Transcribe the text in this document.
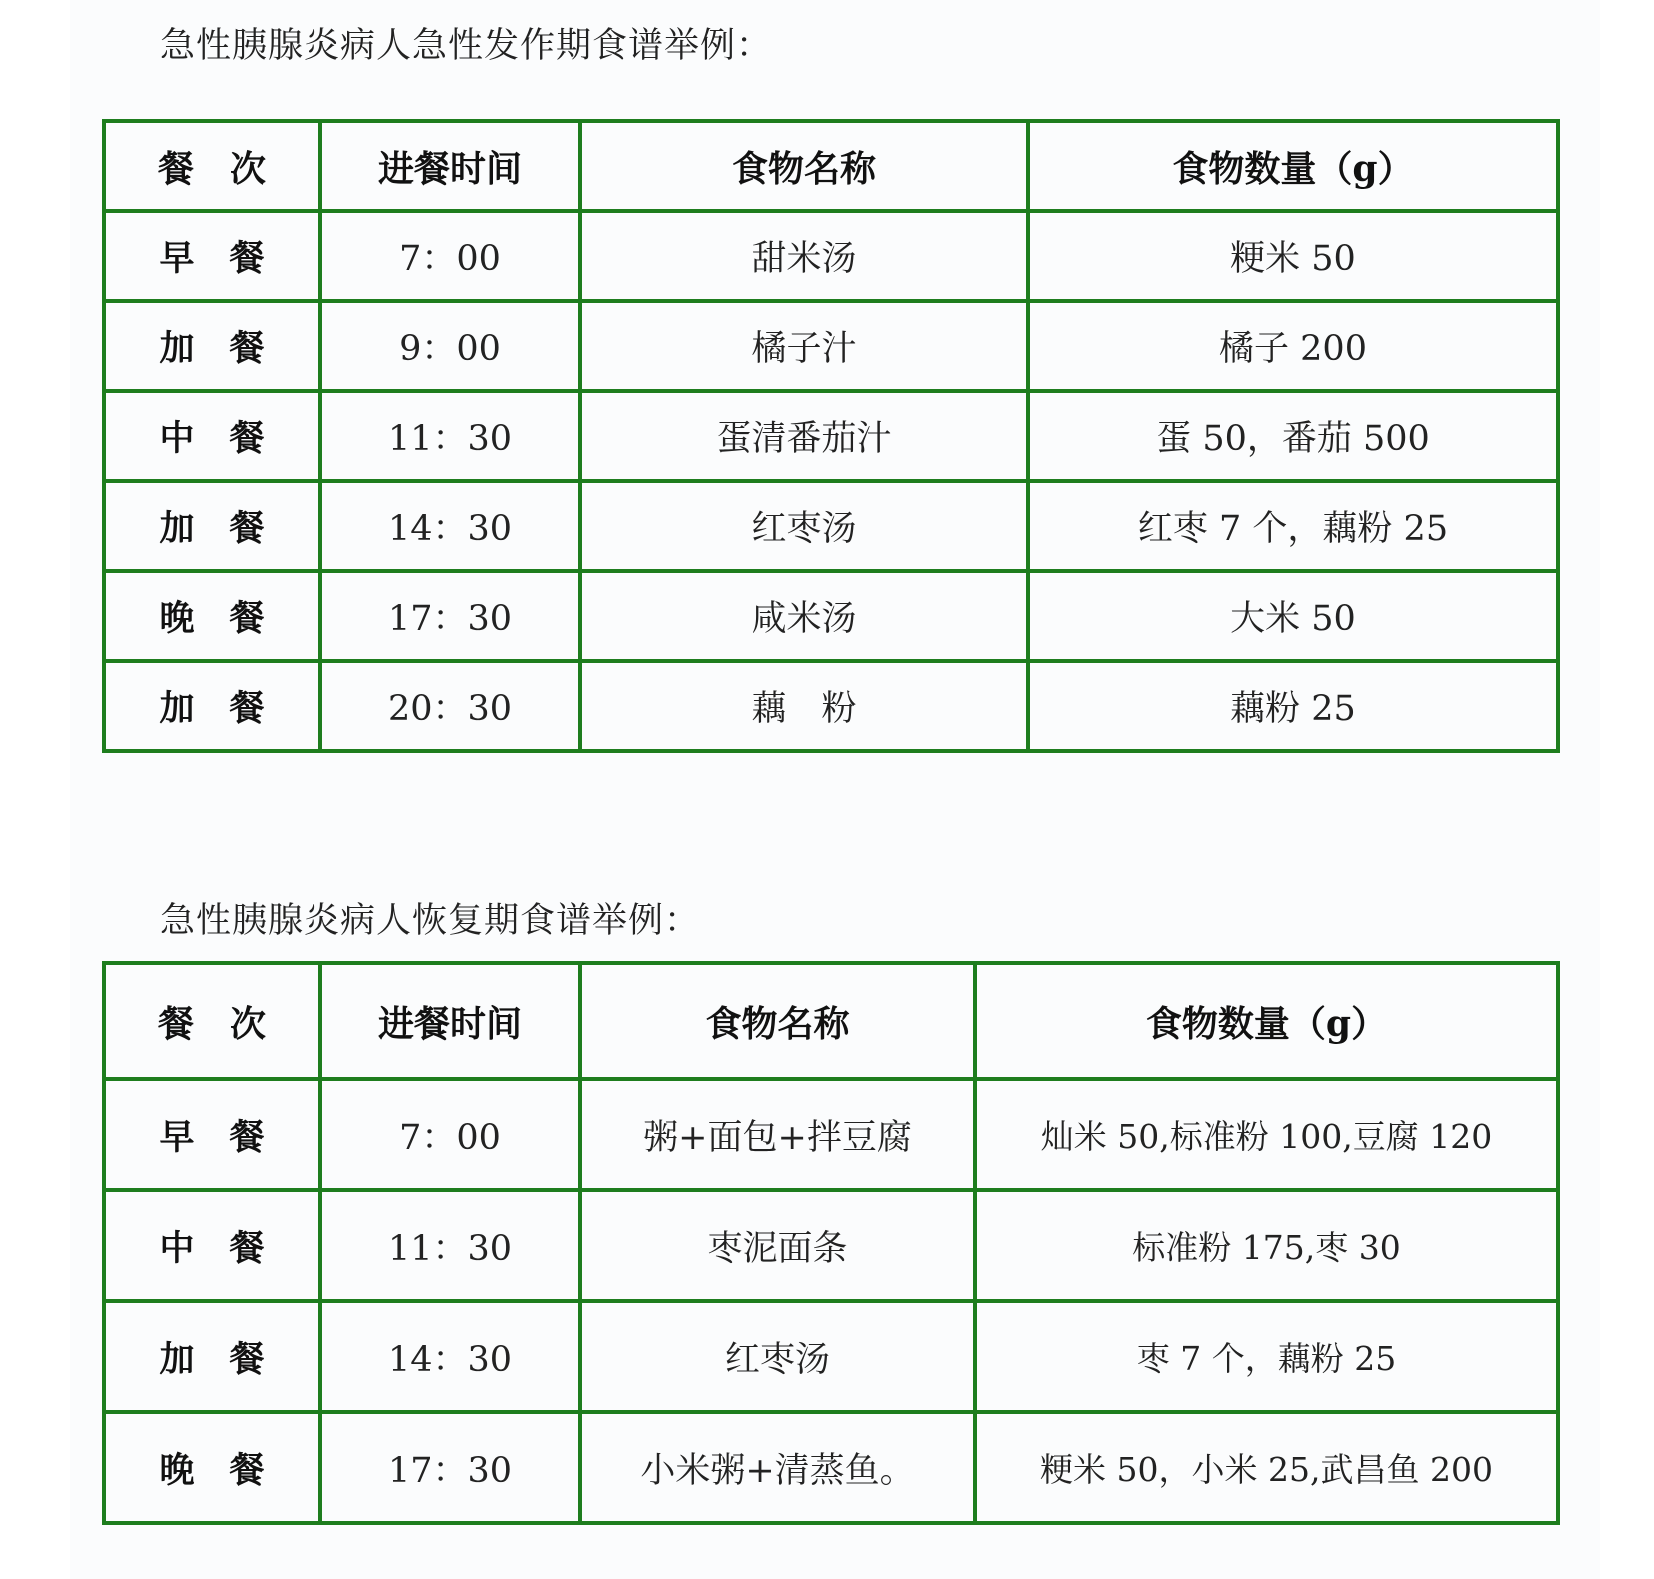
急性胰腺炎病人急性发作期食谱举例：
餐　次	进餐时间	食物名称	食物数量（g）
早　餐	7：00	甜米汤	粳米 50
加　餐	9：00	橘子汁	橘子 200
中　餐	11：30	蛋清番茄汁	蛋 50，番茄 500
加　餐	14：30	红枣汤	红枣 7 个，藕粉 25
晚　餐	17：30	咸米汤	大米 50
加　餐	20：30	藕　粉	藕粉 25
急性胰腺炎病人恢复期食谱举例：
餐　次	进餐时间	食物名称	食物数量（g）
早　餐	7：00	粥+面包+拌豆腐	灿米 50,标准粉 100,豆腐 120
中　餐	11：30	枣泥面条	标准粉 175,枣 30
加　餐	14：30	红枣汤	枣 7 个，藕粉 25
晚　餐	17：30	小米粥+清蒸鱼。	粳米 50，小米 25,武昌鱼 200
